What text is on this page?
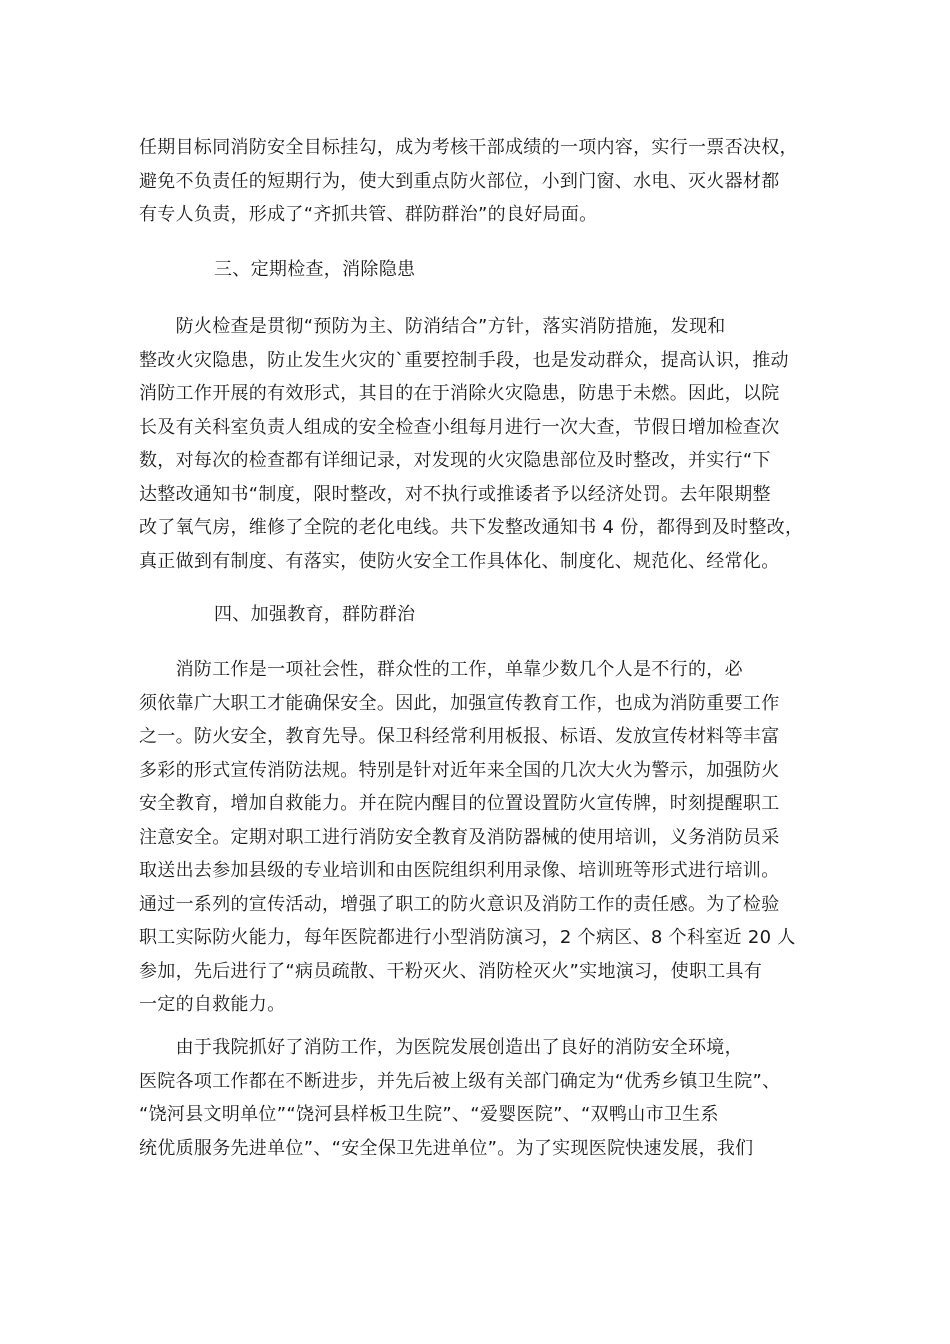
任期目标同消防安全目标挂勾，成为考核干部成绩的一项内容，实行一票否决权，
避免不负责任的短期行为，使大到重点防火部位，小到门窗、水电、灭火器材都
有专人负责，形成了“齐抓共管、群防群治”的良好局面。
三、定期检查，消除隐患
　　防火检查是贯彻“预防为主、防消结合”方针，落实消防措施，发现和
整改火灾隐患，防止发生火灾的`重要控制手段，也是发动群众，提高认识，推动
消防工作开展的有效形式，其目的在于消除火灾隐患，防患于未燃。因此，以院
长及有关科室负责人组成的安全检查小组每月进行一次大查，节假日增加检查次
数，对每次的检查都有详细记录，对发现的火灾隐患部位及时整改，并实行“下
达整改通知书“制度，限时整改，对不执行或推诿者予以经济处罚。去年限期整
改了氧气房，维修了全院的老化电线。共下发整改通知书 4 份，都得到及时整改，
真正做到有制度、有落实，使防火安全工作具体化、制度化、规范化、经常化。
四、加强教育，群防群治
　　消防工作是一项社会性，群众性的工作，单靠少数几个人是不行的，必
须依靠广大职工才能确保安全。因此，加强宣传教育工作，也成为消防重要工作
之一。防火安全，教育先导。保卫科经常利用板报、标语、发放宣传材料等丰富
多彩的形式宣传消防法规。特别是针对近年来全国的几次大火为警示，加强防火
安全教育，增加自救能力。并在院内醒目的位置设置防火宣传牌，时刻提醒职工
注意安全。定期对职工进行消防安全教育及消防器械的使用培训，义务消防员采
取送出去参加县级的专业培训和由医院组织利用录像、培训班等形式进行培训。
通过一系列的宣传活动，增强了职工的防火意识及消防工作的责任感。为了检验
职工实际防火能力，每年医院都进行小型消防演习，2 个病区、8 个科室近 20 人
参加，先后进行了“病员疏散、干粉灭火、消防栓灭火”实地演习，使职工具有
一定的自救能力。
　　由于我院抓好了消防工作，为医院发展创造出了良好的消防安全环境，
医院各项工作都在不断进步，并先后被上级有关部门确定为“优秀乡镇卫生院”、
“饶河县文明单位”“饶河县样板卫生院”、“爱婴医院”、“双鸭山市卫生系
统优质服务先进单位”、“安全保卫先进单位”。为了实现医院快速发展，我们
